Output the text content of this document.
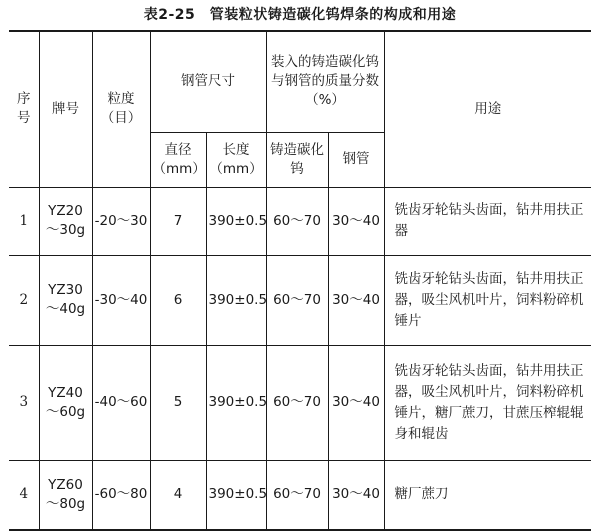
表2-25　管装粒状铸造碳化钨焊条的构成和用途
序号	牌号	粒度（目）	钢管尺寸		装入的铸造碳化钨与钢管的质量分数（%）		用途
			直径（mm）	长度（mm）	铸造碳化钨	钢管	
1	YZ20～30g	-20～30	7	390±0.5	60～70	30～40	铣齿牙轮钻头齿面，钻井用扶正器
2	YZ30～40g	-30～40	6	390±0.5	60～70	30～40	铣齿牙轮钻头齿面，钻井用扶正器，吸尘风机叶片，饲料粉碎机锤片
3	YZ40～60g	-40～60	5	390±0.5	60～70	30～40	铣齿牙轮钻头齿面，钻井用扶正器，吸尘风机叶片，饲料粉碎机锤片，糖厂蔗刀，甘蔗压榨辊辊身和辊齿
4	YZ60～80g	-60～80	4	390±0.5	60～70	30～40	糖厂蔗刀
